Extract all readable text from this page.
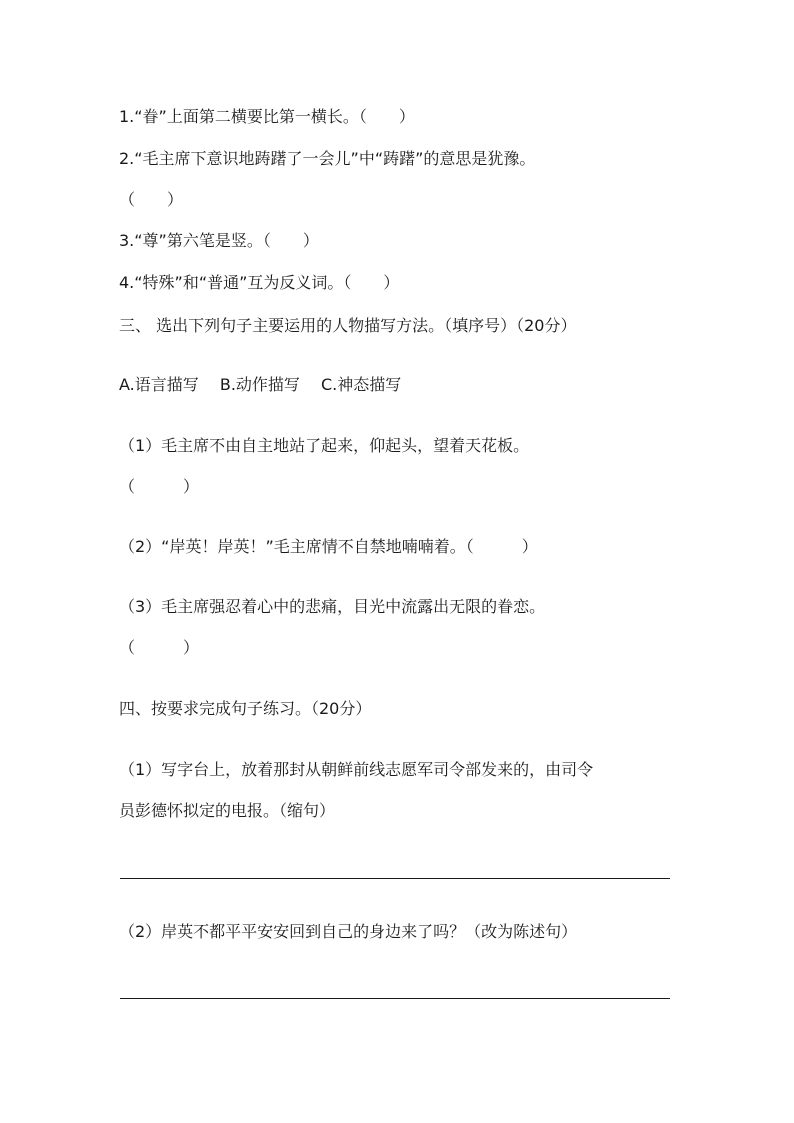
1.“眷”上面第二横要比第一横长。（　　）
2.“毛主席下意识地踌躇了一会儿”中“踌躇”的意思是犹豫。
（　　）
3.“尊”第六笔是竖。（　　）
4.“特殊”和“普通”互为反义词。（　　）
三、 选出下列句子主要运用的人物描写方法。（填序号）（20分）
A.语言描写　 B.动作描写　 C.神态描写
（1）毛主席不由自主地站了起来，仰起头，望着天花板。
（　　　）
（2）“岸英！岸英！”毛主席情不自禁地喃喃着。（　　　）
（3）毛主席强忍着心中的悲痛，目光中流露出无限的眷恋。
（　　　）
四、按要求完成句子练习。（20分）
（1）写字台上，放着那封从朝鲜前线志愿军司令部发来的，由司令
员彭德怀拟定的电报。（缩句）
（2）岸英不都平平安安回到自己的身边来了吗？（改为陈述句）
